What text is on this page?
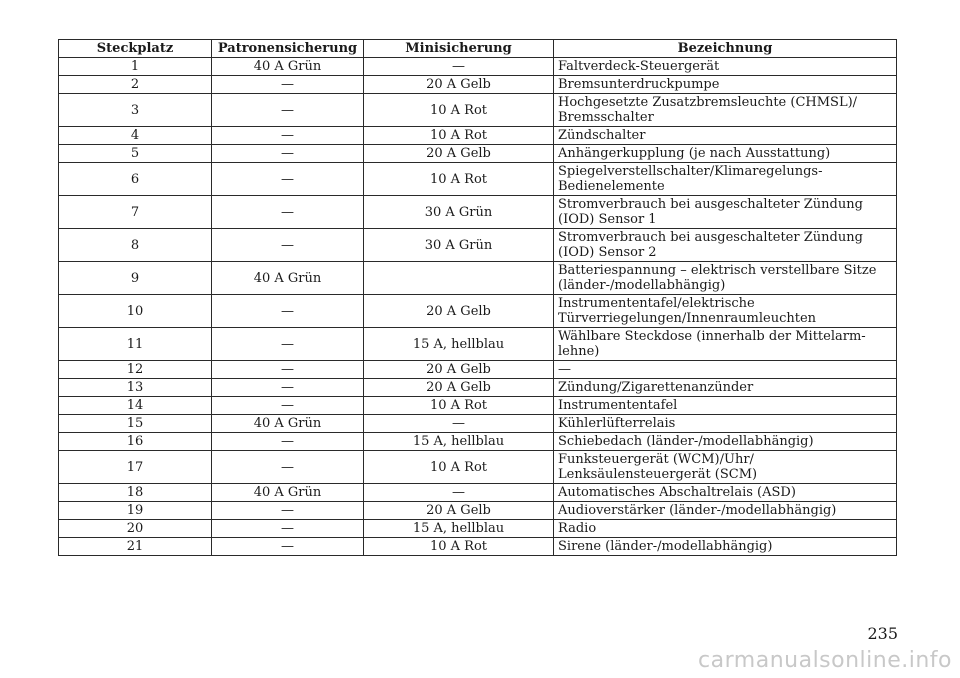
Steckplatz	Patronensicherung	Minisicherung	Bezeichnung
1	40 A Grün	—	Faltverdeck-Steuergerät
2	—	20 A Gelb	Bremsunterdruckpumpe
3	—	10 A Rot	Hochgesetzte Zusatzbremsleuchte (CHMSL)/
Bremsschalter
4	—	10 A Rot	Zündschalter
5	—	20 A Gelb	Anhängerkupplung (je nach Ausstattung)
6	—	10 A Rot	Spiegelverstellschalter/Klimaregelungs-
Bedienelemente
7	—	30 A Grün	Stromverbrauch bei ausgeschalteter Zündung
(IOD) Sensor 1
8	—	30 A Grün	Stromverbrauch bei ausgeschalteter Zündung
(IOD) Sensor 2
9	40 A Grün		Batteriespannung – elektrisch verstellbare Sitze
(länder-/modellabhängig)
10	—	20 A Gelb	Instrumententafel/elektrische
Türverriegelungen/Innenraumleuchten
11	—	15 A, hellblau	Wählbare Steckdose (innerhalb der Mittelarm-
lehne)
12	—	20 A Gelb	—
13	—	20 A Gelb	Zündung/Zigarettenanzünder
14	—	10 A Rot	Instrumententafel
15	40 A Grün	—	Kühlerlüfterrelais
16	—	15 A, hellblau	Schiebedach (länder-/modellabhängig)
17	—	10 A Rot	Funksteuergerät (WCM)/Uhr/
Lenksäulensteuergerät (SCM)
18	40 A Grün	—	Automatisches Abschaltrelais (ASD)
19	—	20 A Gelb	Audioverstärker (länder-/modellabhängig)
20	—	15 A, hellblau	Radio
21	—	10 A Rot	Sirene (länder-/modellabhängig)
235
carmanualsonline.info
